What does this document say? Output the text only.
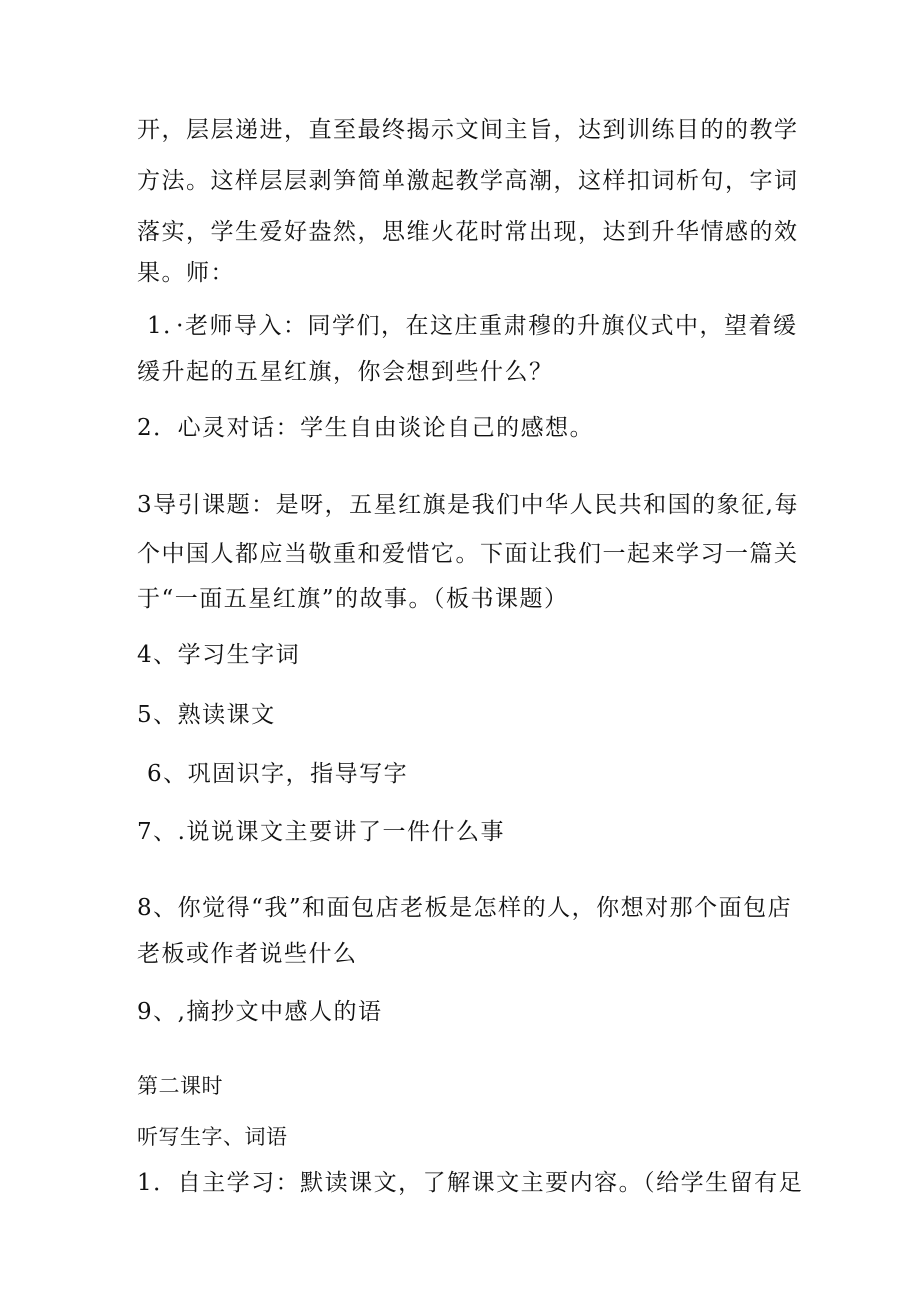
开，层层递进，直至最终揭示文间主旨，达到训练目的的教学
方法。这样层层剥笋简单激起教学高潮，这样扣词析句，字词
落实，学生爱好盎然，思维火花时常出现，达到升华情感的效
果。师：
1．·老师导入：同学们，在这庄重肃穆的升旗仪式中，望着缓
缓升起的五星红旗，你会想到些什么？
2．心灵对话：学生自由谈论自己的感想。
3导引课题：是呀，五星红旗是我们中华人民共和国的象征,每
个中国人都应当敬重和爱惜它。下面让我们一起来学习一篇关
于“一面五星红旗”的故事。（板书课题）
4、学习生字词
5、熟读课文
6、巩固识字，指导写字
7、.说说课文主要讲了一件什么事
8、你觉得“我”和面包店老板是怎样的人，你想对那个面包店
老板或作者说些什么
9、,摘抄文中感人的语
第二课时
听写生字、词语
1．自主学习：默读课文，了解课文主要内容。（给学生留有足
